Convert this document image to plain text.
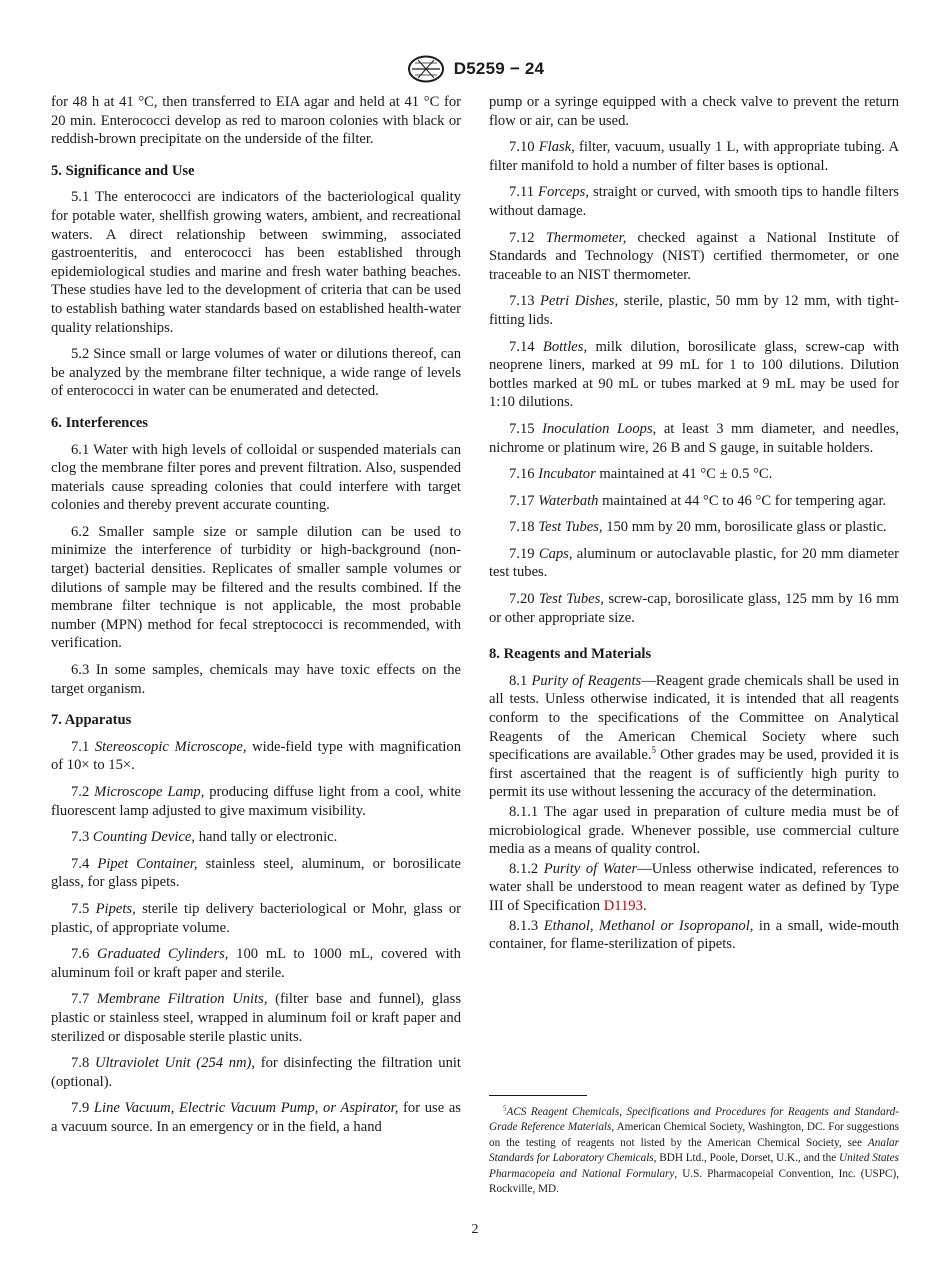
D5259 − 24

for 48 h at 41 °C, then transferred to EIA agar and held at 41 °C for 20 min. Enterococci develop as red to maroon colonies with black or reddish-brown precipitate on the underside of the filter.

5. Significance and Use

5.1 The enterococci are indicators of the bacteriological quality for potable water, shellfish growing waters, ambient, and recreational waters. A direct relationship between swimming, associated gastroenteritis, and enterococci has been established through epidemiological studies and marine and fresh water bathing beaches. These studies have led to the development of criteria that can be used to establish bathing water standards based on established health-water quality relationships.

5.2 Since small or large volumes of water or dilutions thereof, can be analyzed by the membrane filter technique, a wide range of levels of enterococci in water can be enumerated and detected.

6. Interferences

6.1 Water with high levels of colloidal or suspended materials can clog the membrane filter pores and prevent filtration. Also, suspended materials cause spreading colonies that could interfere with target colonies and thereby prevent accurate counting.

6.2 Smaller sample size or sample dilution can be used to minimize the interference of turbidity or high-background (non-target) bacterial densities. Replicates of smaller sample volumes or dilutions of sample may be filtered and the results combined. If the membrane filter technique is not applicable, the most probable number (MPN) method for fecal streptococci is recommended, with verification.

6.3 In some samples, chemicals may have toxic effects on the target organism.

7. Apparatus

7.1 Stereoscopic Microscope, wide-field type with magnification of 10× to 15×.

7.2 Microscope Lamp, producing diffuse light from a cool, white fluorescent lamp adjusted to give maximum visibility.

7.3 Counting Device, hand tally or electronic.

7.4 Pipet Container, stainless steel, aluminum, or borosilicate glass, for glass pipets.

7.5 Pipets, sterile tip delivery bacteriological or Mohr, glass or plastic, of appropriate volume.

7.6 Graduated Cylinders, 100 mL to 1000 mL, covered with aluminum foil or kraft paper and sterile.

7.7 Membrane Filtration Units, (filter base and funnel), glass plastic or stainless steel, wrapped in aluminum foil or kraft paper and sterilized or disposable sterile plastic units.

7.8 Ultraviolet Unit (254 nm), for disinfecting the filtration unit (optional).

7.9 Line Vacuum, Electric Vacuum Pump, or Aspirator, for use as a vacuum source. In an emergency or in the field, a hand

pump or a syringe equipped with a check valve to prevent the return flow or air, can be used.

7.10 Flask, filter, vacuum, usually 1 L, with appropriate tubing. A filter manifold to hold a number of filter bases is optional.

7.11 Forceps, straight or curved, with smooth tips to handle filters without damage.

7.12 Thermometer, checked against a National Institute of Standards and Technology (NIST) certified thermometer, or one traceable to an NIST thermometer.

7.13 Petri Dishes, sterile, plastic, 50 mm by 12 mm, with tight-fitting lids.

7.14 Bottles, milk dilution, borosilicate glass, screw-cap with neoprene liners, marked at 99 mL for 1 to 100 dilutions. Dilution bottles marked at 90 mL or tubes marked at 9 mL may be used for 1:10 dilutions.

7.15 Inoculation Loops, at least 3 mm diameter, and needles, nichrome or platinum wire, 26 B and S gauge, in suitable holders.

7.16 Incubator maintained at 41 °C ± 0.5 °C.

7.17 Waterbath maintained at 44 °C to 46 °C for tempering agar.

7.18 Test Tubes, 150 mm by 20 mm, borosilicate glass or plastic.

7.19 Caps, aluminum or autoclavable plastic, for 20 mm diameter test tubes.

7.20 Test Tubes, screw-cap, borosilicate glass, 125 mm by 16 mm or other appropriate size.

8. Reagents and Materials

8.1 Purity of Reagents—Reagent grade chemicals shall be used in all tests. Unless otherwise indicated, it is intended that all reagents conform to the specifications of the Committee on Analytical Reagents of the American Chemical Society where such specifications are available.$^5$ Other grades may be used, provided it is first ascertained that the reagent is of sufficiently high purity to permit its use without lessening the accuracy of the determination.

8.1.1 The agar used in preparation of culture media must be of microbiological grade. Whenever possible, use commercial culture media as a means of quality control.

8.1.2 Purity of Water—Unless otherwise indicated, references to water shall be understood to mean reagent water as defined by Type III of Specification D1193.

8.1.3 Ethanol, Methanol or Isopropanol, in a small, wide-mouth container, for flame-sterilization of pipets.

$^5$ACS Reagent Chemicals, Specifications and Procedures for Reagents and Standard-Grade Reference Materials, American Chemical Society, Washington, DC. For suggestions on the testing of reagents not listed by the American Chemical Society, see Analar Standards for Laboratory Chemicals, BDH Ltd., Poole, Dorset, U.K., and the United States Pharmacopeia and National Formulary, U.S. Pharmacopeial Convention, Inc. (USPC), Rockville, MD.
2
